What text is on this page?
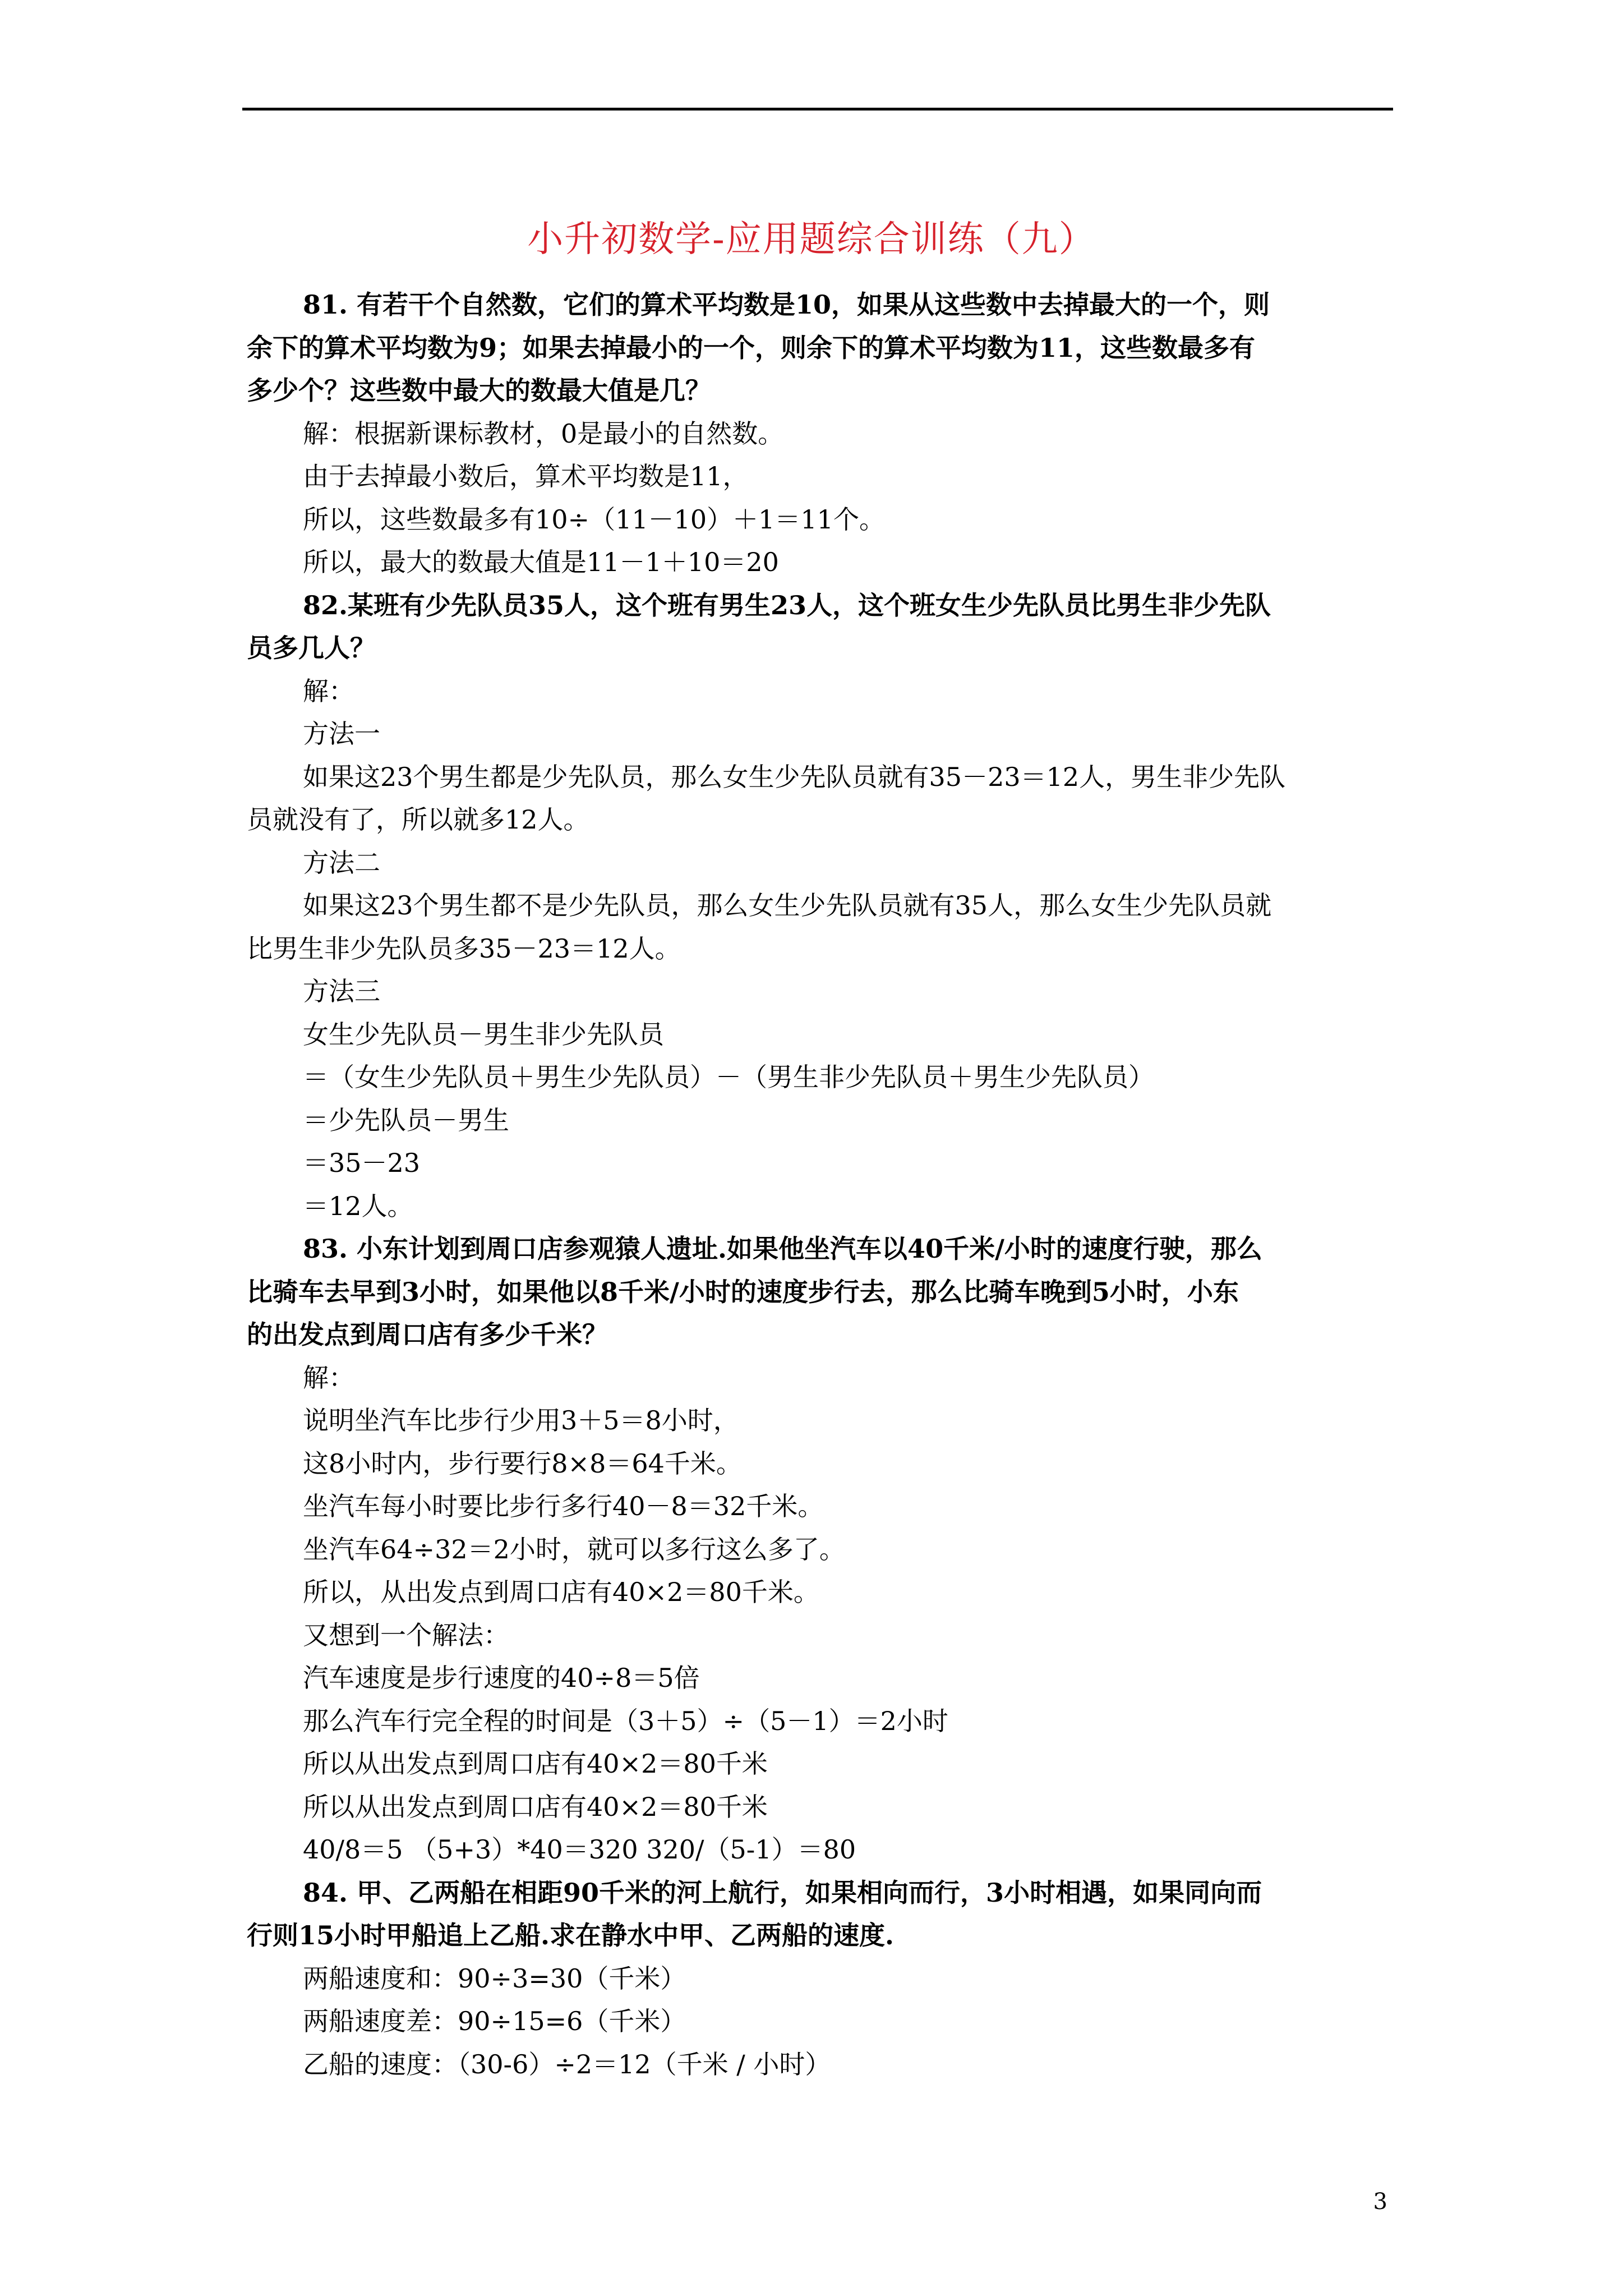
小升初数学-应用题综合训练（九）
81. 有若干个自然数，它们的算术平均数是10，如果从这些数中去掉最大的一个，则
余下的算术平均数为9；如果去掉最小的一个，则余下的算术平均数为11，这些数最多有
多少个？这些数中最大的数最大值是几？
解：根据新课标教材，0是最小的自然数。
由于去掉最小数后，算术平均数是11，
所以，这些数最多有10÷（11－10）＋1＝11个。
所以，最大的数最大值是11－1＋10＝20
82.某班有少先队员35人，这个班有男生23人，这个班女生少先队员比男生非少先队
员多几人？
解：
方法一
如果这23个男生都是少先队员，那么女生少先队员就有35－23＝12人，男生非少先队
员就没有了，所以就多12人。
方法二
如果这23个男生都不是少先队员，那么女生少先队员就有35人，那么女生少先队员就
比男生非少先队员多35－23＝12人。
方法三
女生少先队员－男生非少先队员
＝（女生少先队员＋男生少先队员）－（男生非少先队员＋男生少先队员）
＝少先队员－男生
＝35－23
＝12人。
83. 小东计划到周口店参观猿人遗址.如果他坐汽车以40千米/小时的速度行驶，那么
比骑车去早到3小时，如果他以8千米/小时的速度步行去，那么比骑车晚到5小时，小东
的出发点到周口店有多少千米？
解：
说明坐汽车比步行少用3＋5＝8小时，
这8小时内，步行要行8×8＝64千米。
坐汽车每小时要比步行多行40－8＝32千米。
坐汽车64÷32＝2小时，就可以多行这么多了。
所以，从出发点到周口店有40×2＝80千米。
又想到一个解法：
汽车速度是步行速度的40÷8＝5倍
那么汽车行完全程的时间是（3＋5）÷（5－1）＝2小时
所以从出发点到周口店有40×2＝80千米
所以从出发点到周口店有40×2＝80千米
40/8＝5 （5+3）*40＝320 320/（5-1）＝80
84. 甲、乙两船在相距90千米的河上航行，如果相向而行，3小时相遇，如果同向而
行则15小时甲船追上乙船.求在静水中甲、乙两船的速度.
两船速度和：90÷3=30（千米）
两船速度差：90÷15=6（千米）
乙船的速度：（30-6）÷2＝12（千米 / 小时）
3
